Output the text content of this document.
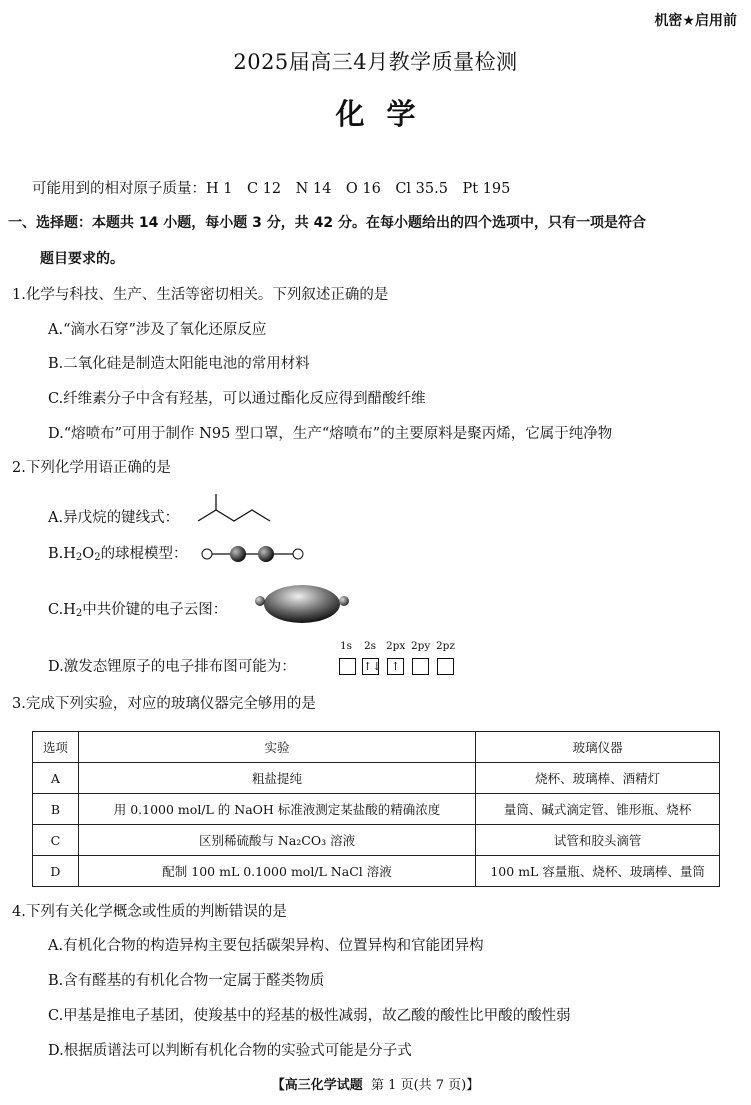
机密★启用前
2025届高三4月教学质量检测
化学
可能用到的相对原子质量：H 1　C 12　N 14　O 16　Cl 35.5　Pt 195
一、选择题：本题共 14 小题，每小题 3 分，共 42 分。在每小题给出的四个选项中，只有一项是符合
题目要求的。
1.化学与科技、生产、生活等密切相关。下列叙述正确的是
A.“滴水石穿”涉及了氧化还原反应
B.二氧化硅是制造太阳能电池的常用材料
C.纤维素分子中含有羟基，可以通过酯化反应得到醋酸纤维
D.“熔喷布”可用于制作 N95 型口罩，生产“熔喷布”的主要原料是聚丙烯，它属于纯净物
2.下列化学用语正确的是
A.异戊烷的键线式：
$B.H_2O_2$的球棍模型：
$C.H_2$中共价键的电子云图：
D.激发态锂原子的电子排布图可能为：
1s 2s 2px 2py 2pz
↑↓ ↑
3.完成下列实验，对应的玻璃仪器完全够用的是
选项	实验	玻璃仪器
A	粗盐提纯	烧杯、玻璃棒、酒精灯
B	用 0.1000 mol/L 的 NaOH 标准液测定某盐酸的精确浓度	量筒、碱式滴定管、锥形瓶、烧杯
C	区别稀硫酸与 Na₂CO₃ 溶液	试管和胶头滴管
D	配制 100 mL 0.1000 mol/L NaCl 溶液	100 mL 容量瓶、烧杯、玻璃棒、量筒
4.下列有关化学概念或性质的判断错误的是
A.有机化合物的构造异构主要包括碳架异构、位置异构和官能团异构
B.含有醛基的有机化合物一定属于醛类物质
C.甲基是推电子基团，使羧基中的羟基的极性减弱，故乙酸的酸性比甲酸的酸性弱
D.根据质谱法可以判断有机化合物的实验式可能是分子式
【高三化学试题 第 1 页(共 7 页)】
